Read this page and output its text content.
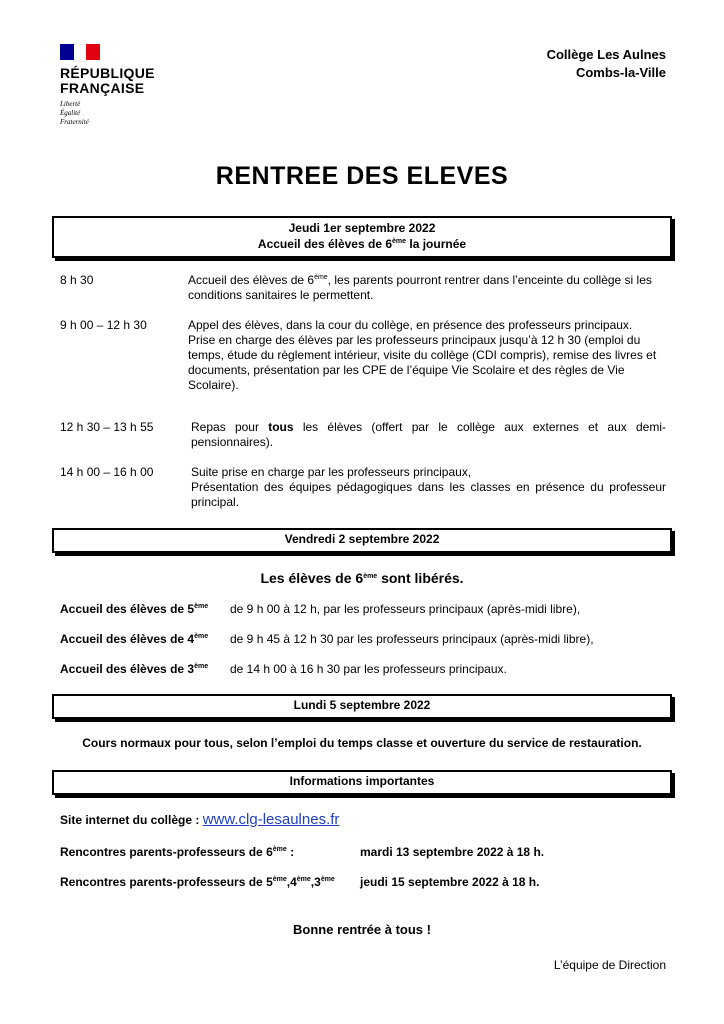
RÉPUBLIQUE
FRANÇAISE
Liberté
Égalité
Fraternité
Collège Les Aulnes
Combs-la-Ville
RENTREE DES ELEVES
Jeudi 1er septembre 2022
Accueil des élèves de 6ème la journée
8 h 30	Accueil des élèves de 6ème, les parents pourront rentrer dans l’enceinte du collège si les conditions sanitaires le permettent.
9 h 00 – 12 h 30	Appel des élèves, dans la cour du collège, en présence des professeurs principaux.
Prise en charge des élèves par les professeurs principaux jusqu’à 12 h 30 (emploi du temps, étude du règlement intérieur, visite du collège (CDI compris), remise des livres et documents, présentation par les CPE de l’équipe Vie Scolaire et des règles de Vie Scolaire).
12 h 30 – 13 h 55	Repas pour tous les élèves (offert par le collège aux externes et aux demi-pensionnaires).
14 h 00 – 16 h 00	Suite prise en charge par les professeurs principaux,
Présentation des équipes pédagogiques dans les classes en présence du professeur principal.
Vendredi 2 septembre 2022
Les élèves de 6ème sont libérés.
Accueil des élèves de 5ème de 9 h 00 à 12 h, par les professeurs principaux (après-midi libre),
Accueil des élèves de 4ème de 9 h 45 à 12 h 30 par les professeurs principaux (après-midi libre),
Accueil des élèves de 3ème de 14 h 00 à 16 h 30 par les professeurs principaux.
Lundi 5 septembre 2022
Cours normaux pour tous, selon l’emploi du temps classe et ouverture du service de restauration.
Informations importantes
Site internet du collège : www.clg-lesaulnes.fr
Rencontres parents-professeurs de 6ème :	mardi 13 septembre 2022 à 18 h.
Rencontres parents-professeurs de 5ème,4ème,3ème jeudi 15 septembre 2022 à 18 h.
Bonne rentrée à tous !
L’équipe de Direction
